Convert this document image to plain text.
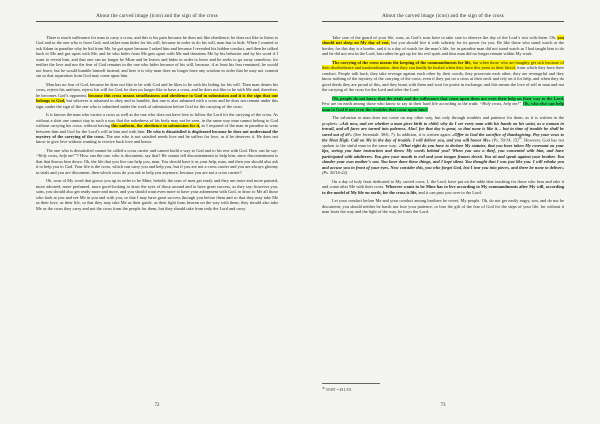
About the carved image (icon) and the sign of the cross

There is much sufferance for man to carry a cross, and this is his pain because he does not like obedience; he does not like to listen to God and to the one who is from God, and rather man hides for his will, because in order to do his will, man has to hide. When I wanted to ask Adam in paradise why he hid from Me, he got upset because I asked him and because I revealed his hidden conduct, and then he talked back to Me and got upset with Me, and he who hides from Me gets upset with Me and threatens Me by his behavior and by his word if I want to reveal him, and that one can no longer be Mine and he leaves and hides in order to leave and he seeks to go away somehow, for neither the love and nor the fear of God remains in the one who hides because of his will, because, if at least his fear remained, he would not leave, but he would humble himself instead, and here it is why man does no longer have any wisdom in order that he may not commit sin so that separation from God may come upon him.

Man has no fear of God, because he does not like to be with God and he likes to be with his hiding for his will. Then man denies his cross, rejects his uniform, rejects his will for God, he does no longer like to have a cross, and he does not like to be with Me and, therefore, he becomes God’s opponent, because this cross means steadfastness and obedience to God in submission and it is the sign that one belongs to God, but whoever is ashamed to obey and to humble, that one is also ashamed with a cross and he does not remain under this sign, under the sign of the one who is submitted under the work of submission before God for the carrying of the cross.

It is known the man who carries a cross as well as the one who does not have love to follow the Lord for the carrying of the cross. As without a shirt one cannot stay in such a way that the nakedness of his body may not be seen, in the same way man cannot belong to God without carrying his cross, without having this uniform, the obedience in submission for it, as I required of the man in paradise to wear between him and God for the Lord’s will in him and with him. He who is dissatisfied is displeased because he does not understand the mystery of the carrying of the cross. The one who is not satisfied needs love and he suffers for love, as if he deserves it. He does not know to give love without wanting to receive back love and honor.

The one who is dissatisfied cannot be called a cross carrier and cannot build a way to God and to his rest with God. How can he say: “Holy cross, help me!”? How can the one, who is discontent, say that? He cannot tell discontentment to help him, since discontentment is that that throws him down. Oh, the life that you live can help you, man. You should have it as your help, man, and then you should also ask it to help you to God. Your life is the cross, which can carry you and help you, but if you are not a cross carrier and you are always gloomy in trials and you are discontent, then which cross do you ask to help you anymore, because you are not a cross carrier?

Oh, sons of My word that grows you up in order to be Mine, behold, the sons of men get ready and they are more and more painted, more adorned, more perfumed, more good-looking to draw the eyes of those around and to have great success, as they say; however you, sons, you should also get ready more and more, and you should want even more to have your adornment with God, to draw to Me all those who look at you and see Me in you and with you, so that I may have great success through you before them and so that they may take Me as their love, as their life, so that they may take Me as their guide, as their light from heaven on the way with them; they should also take Me as the cross they carry and not the cross from the people for them, but they should take from only the Lord and carry.

72
About the carved image (icon) and the sign of the cross

Take care of the guard of your life, sons, as God’s sons have to take care to observe the day of the Lord’s rest with them. Oh, you should not sleep on My day of rest, but you should live it with sobriety for its power for you. Be like those who stand watch at the border, for this day is a border, and it is a day of watch for the man’s life, for in paradise man did not stand watch as I had taught him to do and he did not rest in the Lord, but rather he got up for his evil spirit and thus man did no longer remain within My work.

The carrying of the cross means the keeping of the commandments for life, but when those who are haughty get sick because of their disobedience and insubordination, then they can hardly be healed when they have this yeast in their blood, from which they have their conduct. People talk back, they take revenge against each other by their words, they prosecute each other, they are revengeful and they know nothing of the mystery of the carrying of the cross, even if they put on a cross at their neck and rely on it for help, and when they do good deeds they are proud of this, and they boast with them and wait for praise in exchange, and this means the love of self in man and not the carrying of the cross for the Lord and after the Lord.

Oh, people do not know that the trials and the sufferance that come upon them are even their help on their way to the Lord. Few are on earth among those who know to say in their hard life according to the truth: “Holy cross, help me!” Oh, who else can help man to God if not even the troubles that come upon him?

The salvation to man does not come on any other way, but only through troubles and patience for them, as it is written in the prophets: «Ask now, and see whether a man gives birth to child; why do I see every man with his hands on his waist, as a woman in travail, and all faces are turned into paleness. Alas! for that day is great, so that none is like it… but in time of trouble he shall be saved out of it?» (See Jeremiah: 30/6, 7). In addition, it is written again: «Offer to God the sacrifice of thanksgiving. Pay your vows to the Most High. Call on Me in the day of trouble. I will deliver you, and you will honor Me» (Ps. 50/14, 15)$^{50}$. However, God has not spoken to the sinful man in the same way: «What right do you have to declare My statutes, that you have taken My covenant on your lips, seeing you hate instruction and throw My words behind you? When you saw a thief, you consented with him, and have participated with adulterers. You give your mouth to evil and your tongue frames deceit. You sit and speak against your brother. You slander your own mother’s son. You have done these things, and I kept silent. You thought that I was just like you. I will rebuke you and accuse you in front of your eyes. Now consider this, you who forget God, lest I tear you into pieces, and there be none to deliver» (Ps. 50/16-22).

On a day of holy feast dedicated to My carved cross, I, the Lord, have put on the table dear teaching for those who hear and take it and come after Me with their cross. Whoever wants to be Mine has to live according to My commandments after My will, according to the model of My life on earth, for the cross is life, and it can pass you over to the Lord.

Let your conduct before Me and your conduct among brothers be sweet, My people. Oh, do not get easily angry, son, and do not be discontent; you should neither be harsh nor lose your patience, or lose the gift of the fear of God for the steps of your life, for without it man loses the way and the light of the way, he loses the Lord.

$^{50}$ 50 MT = 49 LXX
73
